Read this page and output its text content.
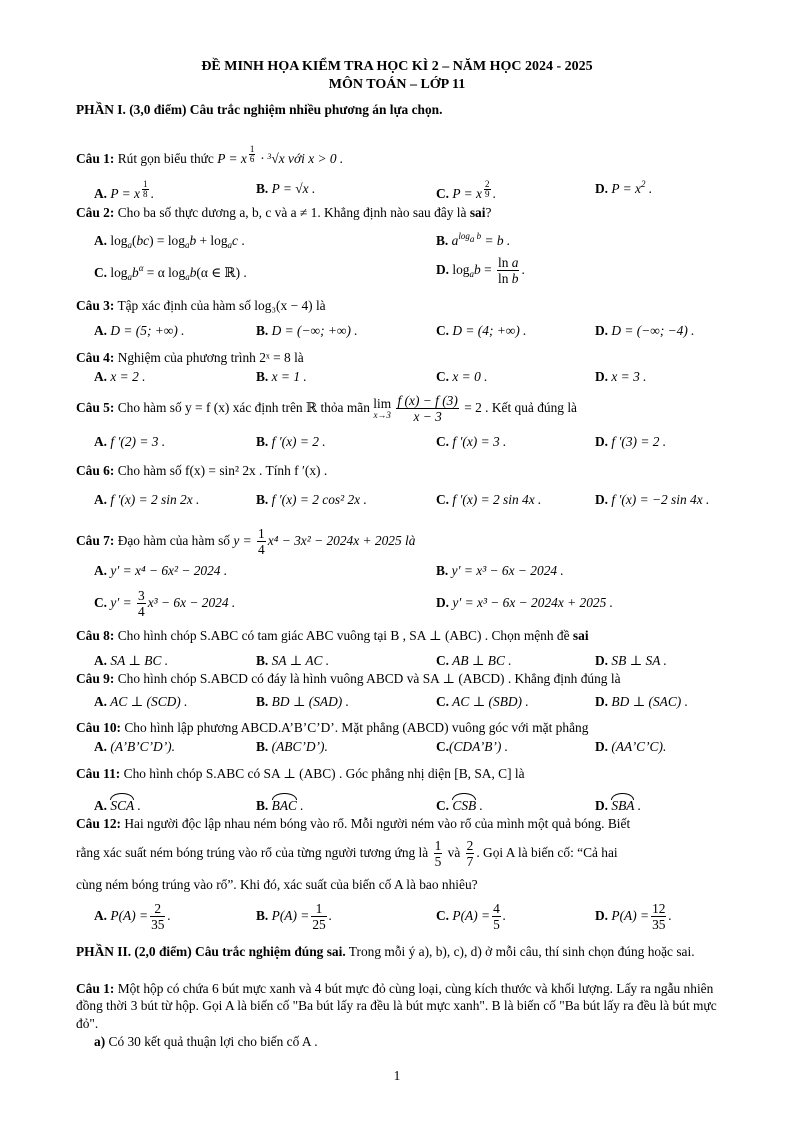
ĐỀ MINH HỌA KIỂM TRA HỌC KÌ 2 – NĂM HỌC 2024 - 2025
MÔN TOÁN – LỚP 11
PHẦN I. (3,0 điểm) Câu trắc nghiệm nhiều phương án lựa chọn.
Câu 1: Rút gọn biểu thức P = x $^{\frac{1}{6}}$ · $^3$√x với x > 0 .
A. P = x $^{\frac{1}{8}}$ .	B. P = √x .	C. P = x $^{\frac{2}{9}}$ .	D. $P = x^2$ .
Câu 2: Cho ba số thực dương a, b, c và a ≠ 1. Khẳng định nào sau đây là sai?
A. $\log_a(bc) = \log_ab + \log_ac$ .	B. $a^{log_a b} = b$ .
C. $\log_ab^\alpha = \alpha$ $\log_ab(\alpha$ ∈ ℝ) .	D. $\log_ab = \frac{\text{ln a}}{\text{ln b}}$ .
Câu 3: Tập xác định của hàm số log₃(x − 4) là
A. D = (5; +∞) .	B. D = (−∞; +∞) .	C. D = (4; +∞) .	D. D = (−∞; −4) .
Câu 4: Nghiệm của phương trình 2ˣ = 8 là
A. x = 2 .	B. x = 1 .	C. x = 0 .	D. x = 3 .
Câu 5: Cho hàm số y = f (x) xác định trên ℝ thỏa mãn lim
x→3
$\frac{f (x) - f (3)}{x - 3} = 2$ . Kết quả đúng là
A. f ′(2) = 3 .	B. f ′(x) = 2 .	C. f ′(x) = 3 .	D. f ′(3) = 2 .
Câu 6: Cho hàm số f(x) = sin² 2x . Tính f ′(x) .
A. f ′(x) = 2 sin 2x .	B. f ′(x) = 2 cos² 2x .	C. f ′(x) = 2 sin 4x .	D. f ′(x) = −2 sin 4x .
Câu 7: Đạo hàm của hàm số $y = \frac{1}{4} x^4 - 3x^2 - 2024x + 2025$ là
A. y′ = x⁴ − 6x² − 2024 .	B. y′ = x³ − 6x − 2024 .
C. $y' = \frac{3}{4} x^3 - 6x - 2024$ .	D. y′ = x³ − 6x − 2024x + 2025 .
Câu 8: Cho hình chóp S.ABC có tam giác ABC vuông tại B , SA ⊥ (ABC) . Chọn mệnh đề sai
A. SA ⊥ BC .	B. SA ⊥ AC .	C. AB ⊥ BC .	D. SB ⊥ SA .
Câu 9: Cho hình chóp S.ABCD có đáy là hình vuông ABCD và SA ⊥ (ABCD) . Khẳng định đúng là
A. AC ⊥ (SCD) .	B. BD ⊥ (SAD) .	C. AC ⊥ (SBD) .	D. BD ⊥ (SAC) .
Câu 10: Cho hình lập phương ABCD.A’B’C’D’. Mặt phẳng (ABCD) vuông góc với mặt phẳng
A. (A’B’C’D’).	B. (ABC’D’).	C.(CDA’B’) .	D. (AA’C’C).
Câu 11: Cho hình chóp S.ABC có SA ⊥ (ABC) . Góc phẳng nhị diện [B, SA, C] là
A. SCA .	B. BAC .	C. CSB .	D. SBA .
Câu 12: Hai người độc lập nhau ném bóng vào rổ. Mỗi người ném vào rổ của mình một quả bóng. Biết
rằng xác suất ném bóng trúng vào rổ của từng người tương ứng là $\frac{1}{5}$ và $\frac{2}{7}$ . Gọi A là biến cố: “Cả hai
cùng ném bóng trúng vào rổ”. Khi đó, xác suất của biến cố A là bao nhiêu?
A. $P(A) = \frac{2}{35}$ .	B. $P(A) = \frac{1}{25}$ .	C. $P(A) = \frac{4}{5}$ .	D. $P(A) = \frac{12}{35}$ .
PHẦN II. (2,0 điểm) Câu trắc nghiệm đúng sai. Trong mỗi ý a), b), c), d) ở mỗi câu, thí sinh chọn đúng hoặc sai.
Câu 1: Một hộp có chứa 6 bút mực xanh và 4 bút mực đỏ cùng loại, cùng kích thước và khối lượng. Lấy ra ngẫu nhiên đồng thời 3 bút từ hộp. Gọi A là biến cố "Ba bút lấy ra đều là bút mực xanh". B là biến cố "Ba bút lấy ra đều là bút mực đỏ".
a) Có 30 kết quả thuận lợi cho biến cố A .
1
